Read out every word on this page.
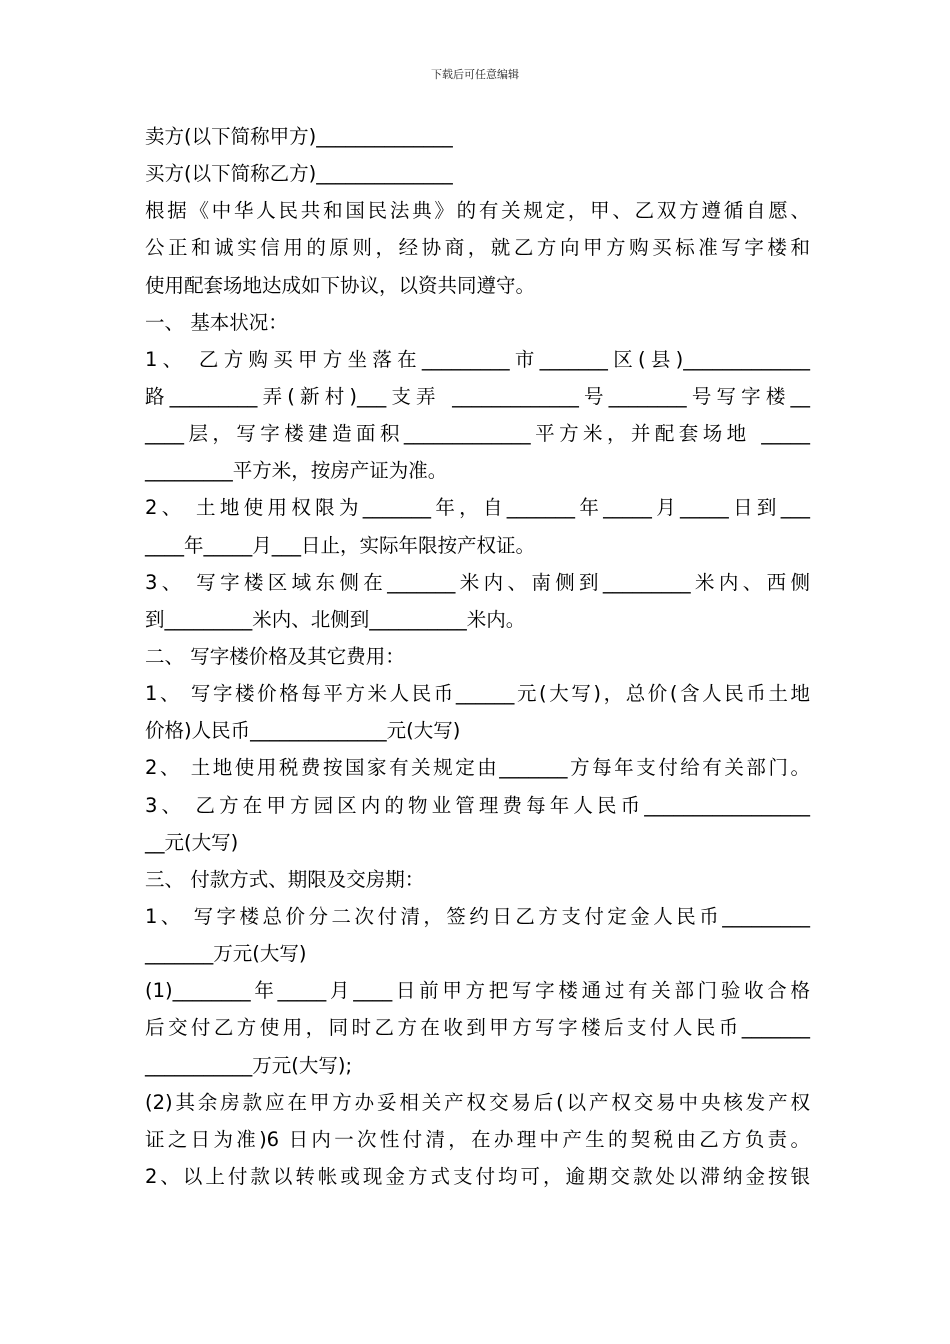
下载后可任意编辑
卖方(以下简称甲方)______________
买方(以下简称乙方)______________
根据《中华人民共和国民法典》的有关规定，甲、乙双方遵循自愿、
公正和诚实信用的原则，经协商，就乙方向甲方购买标准写字楼和
使用配套场地达成如下协议，以资共同遵守。
一、 基本状况：
1、 乙方购买甲方坐落在_________市_______区(县)_____________
路_________弄(新村)___支弄 _____________号________号写字楼__
____层，写字楼建造面积_____________平方米，并配套场地 _____
_________平方米，按房产证为准。
2、 土地使用权限为_______年，自_______年_____月_____日到___
____年_____月___日止，实际年限按产权证。
3、 写字楼区域东侧在_______米内、南侧到_________米内、西侧
到_________米内、北侧到__________米内。
二、 写字楼价格及其它费用：
1、 写字楼价格每平方米人民币______元(大写)，总价(含人民币土地
价格)人民币______________元(大写)
2、 土地使用税费按国家有关规定由_______方每年支付给有关部门。
3、 乙方在甲方园区内的物业管理费每年人民币_________________
__元(大写)
三、 付款方式、期限及交房期：
1、 写字楼总价分二次付清，签约日乙方支付定金人民币_________
_______万元(大写)
(1)________年_____月____日前甲方把写字楼通过有关部门验收合格
后交付乙方使用，同时乙方在收到甲方写字楼后支付人民币_______
___________万元(大写);
(2)其余房款应在甲方办妥相关产权交易后(以产权交易中央核发产权
证之日为准)6 日内一次性付清，在办理中产生的契税由乙方负责。
2、以上付款以转帐或现金方式支付均可，逾期交款处以滞纳金按银
